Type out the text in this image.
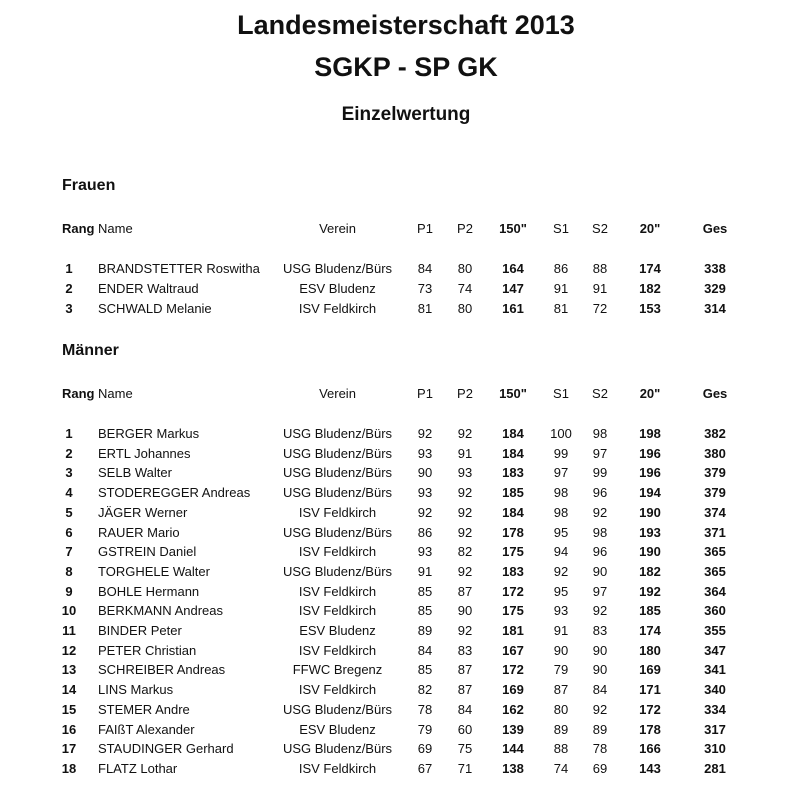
Landesmeisterschaft 2013
SGKP - SP GK
Einzelwertung
Frauen
Rang Name	Verein	P1	P2	150"	S1	S2	20"	Ges
1	BRANDSTETTER Roswitha	USG Bludenz/Bürs	84	80	164	86	88	174	338
2	ENDER Waltraud	ESV Bludenz	73	74	147	91	91	182	329
3	SCHWALD Melanie	ISV Feldkirch	81	80	161	81	72	153	314
Männer
Rang Name	Verein	P1	P2	150"	S1	S2	20"	Ges
1	BERGER Markus	USG Bludenz/Bürs	92	92	184	100	98	198	382
2	ERTL Johannes	USG Bludenz/Bürs	93	91	184	99	97	196	380
3	SELB Walter	USG Bludenz/Bürs	90	93	183	97	99	196	379
4	STODEREGGER Andreas	USG Bludenz/Bürs	93	92	185	98	96	194	379
5	JÄGER Werner	ISV Feldkirch	92	92	184	98	92	190	374
6	RAUER Mario	USG Bludenz/Bürs	86	92	178	95	98	193	371
7	GSTREIN Daniel	ISV Feldkirch	93	82	175	94	96	190	365
8	TORGHELE Walter	USG Bludenz/Bürs	91	92	183	92	90	182	365
9	BOHLE Hermann	ISV Feldkirch	85	87	172	95	97	192	364
10	BERKMANN Andreas	ISV Feldkirch	85	90	175	93	92	185	360
11	BINDER Peter	ESV Bludenz	89	92	181	91	83	174	355
12	PETER Christian	ISV Feldkirch	84	83	167	90	90	180	347
13	SCHREIBER Andreas	FFWC Bregenz	85	87	172	79	90	169	341
14	LINS Markus	ISV Feldkirch	82	87	169	87	84	171	340
15	STEMER Andre	USG Bludenz/Bürs	78	84	162	80	92	172	334
16	FAIßT Alexander	ESV Bludenz	79	60	139	89	89	178	317
17	STAUDINGER Gerhard	USG Bludenz/Bürs	69	75	144	88	78	166	310
18	FLATZ Lothar	ISV Feldkirch	67	71	138	74	69	143	281
